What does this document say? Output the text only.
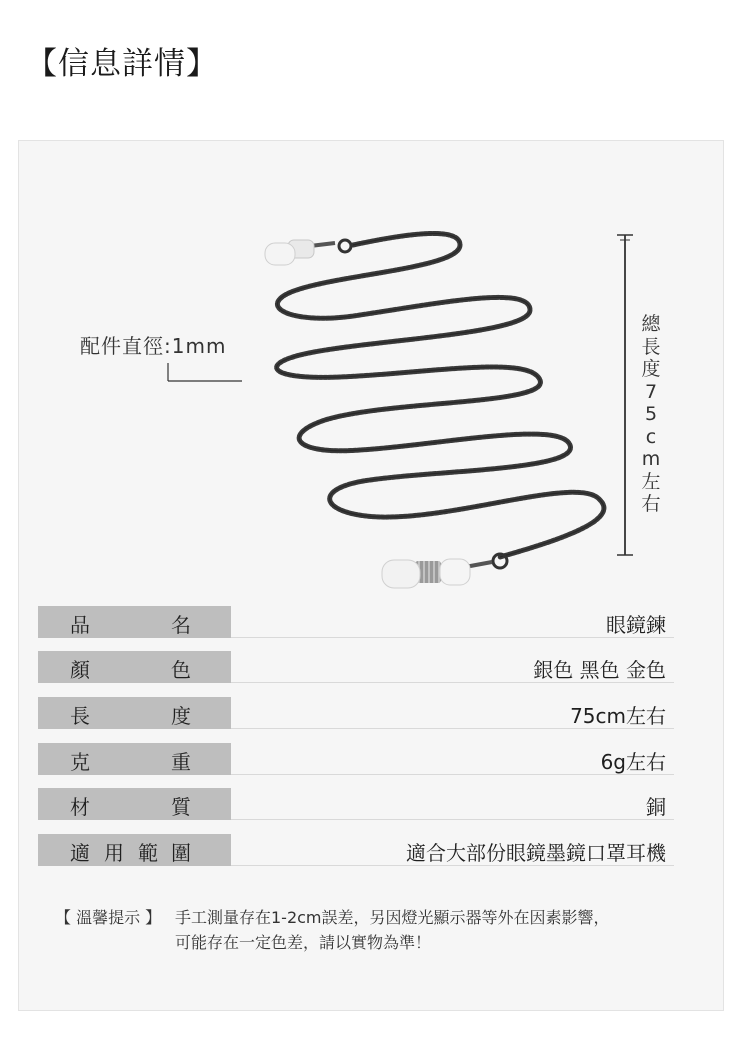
【信息詳情】
配件直徑:1mm
總
長
度
7
5
c
m
左
右
品	名	眼鏡鍊
顏	色	銀色 黑色 金色
長	度	75cm左右
克	重	6g左右
材	質	銅
適 用 範 圍	適合大部份眼鏡墨鏡口罩耳機
【 溫馨提示 】 手工測量存在1-2cm誤差，另因燈光顯示器等外在因素影響，
可能存在一定色差，請以實物為準！
